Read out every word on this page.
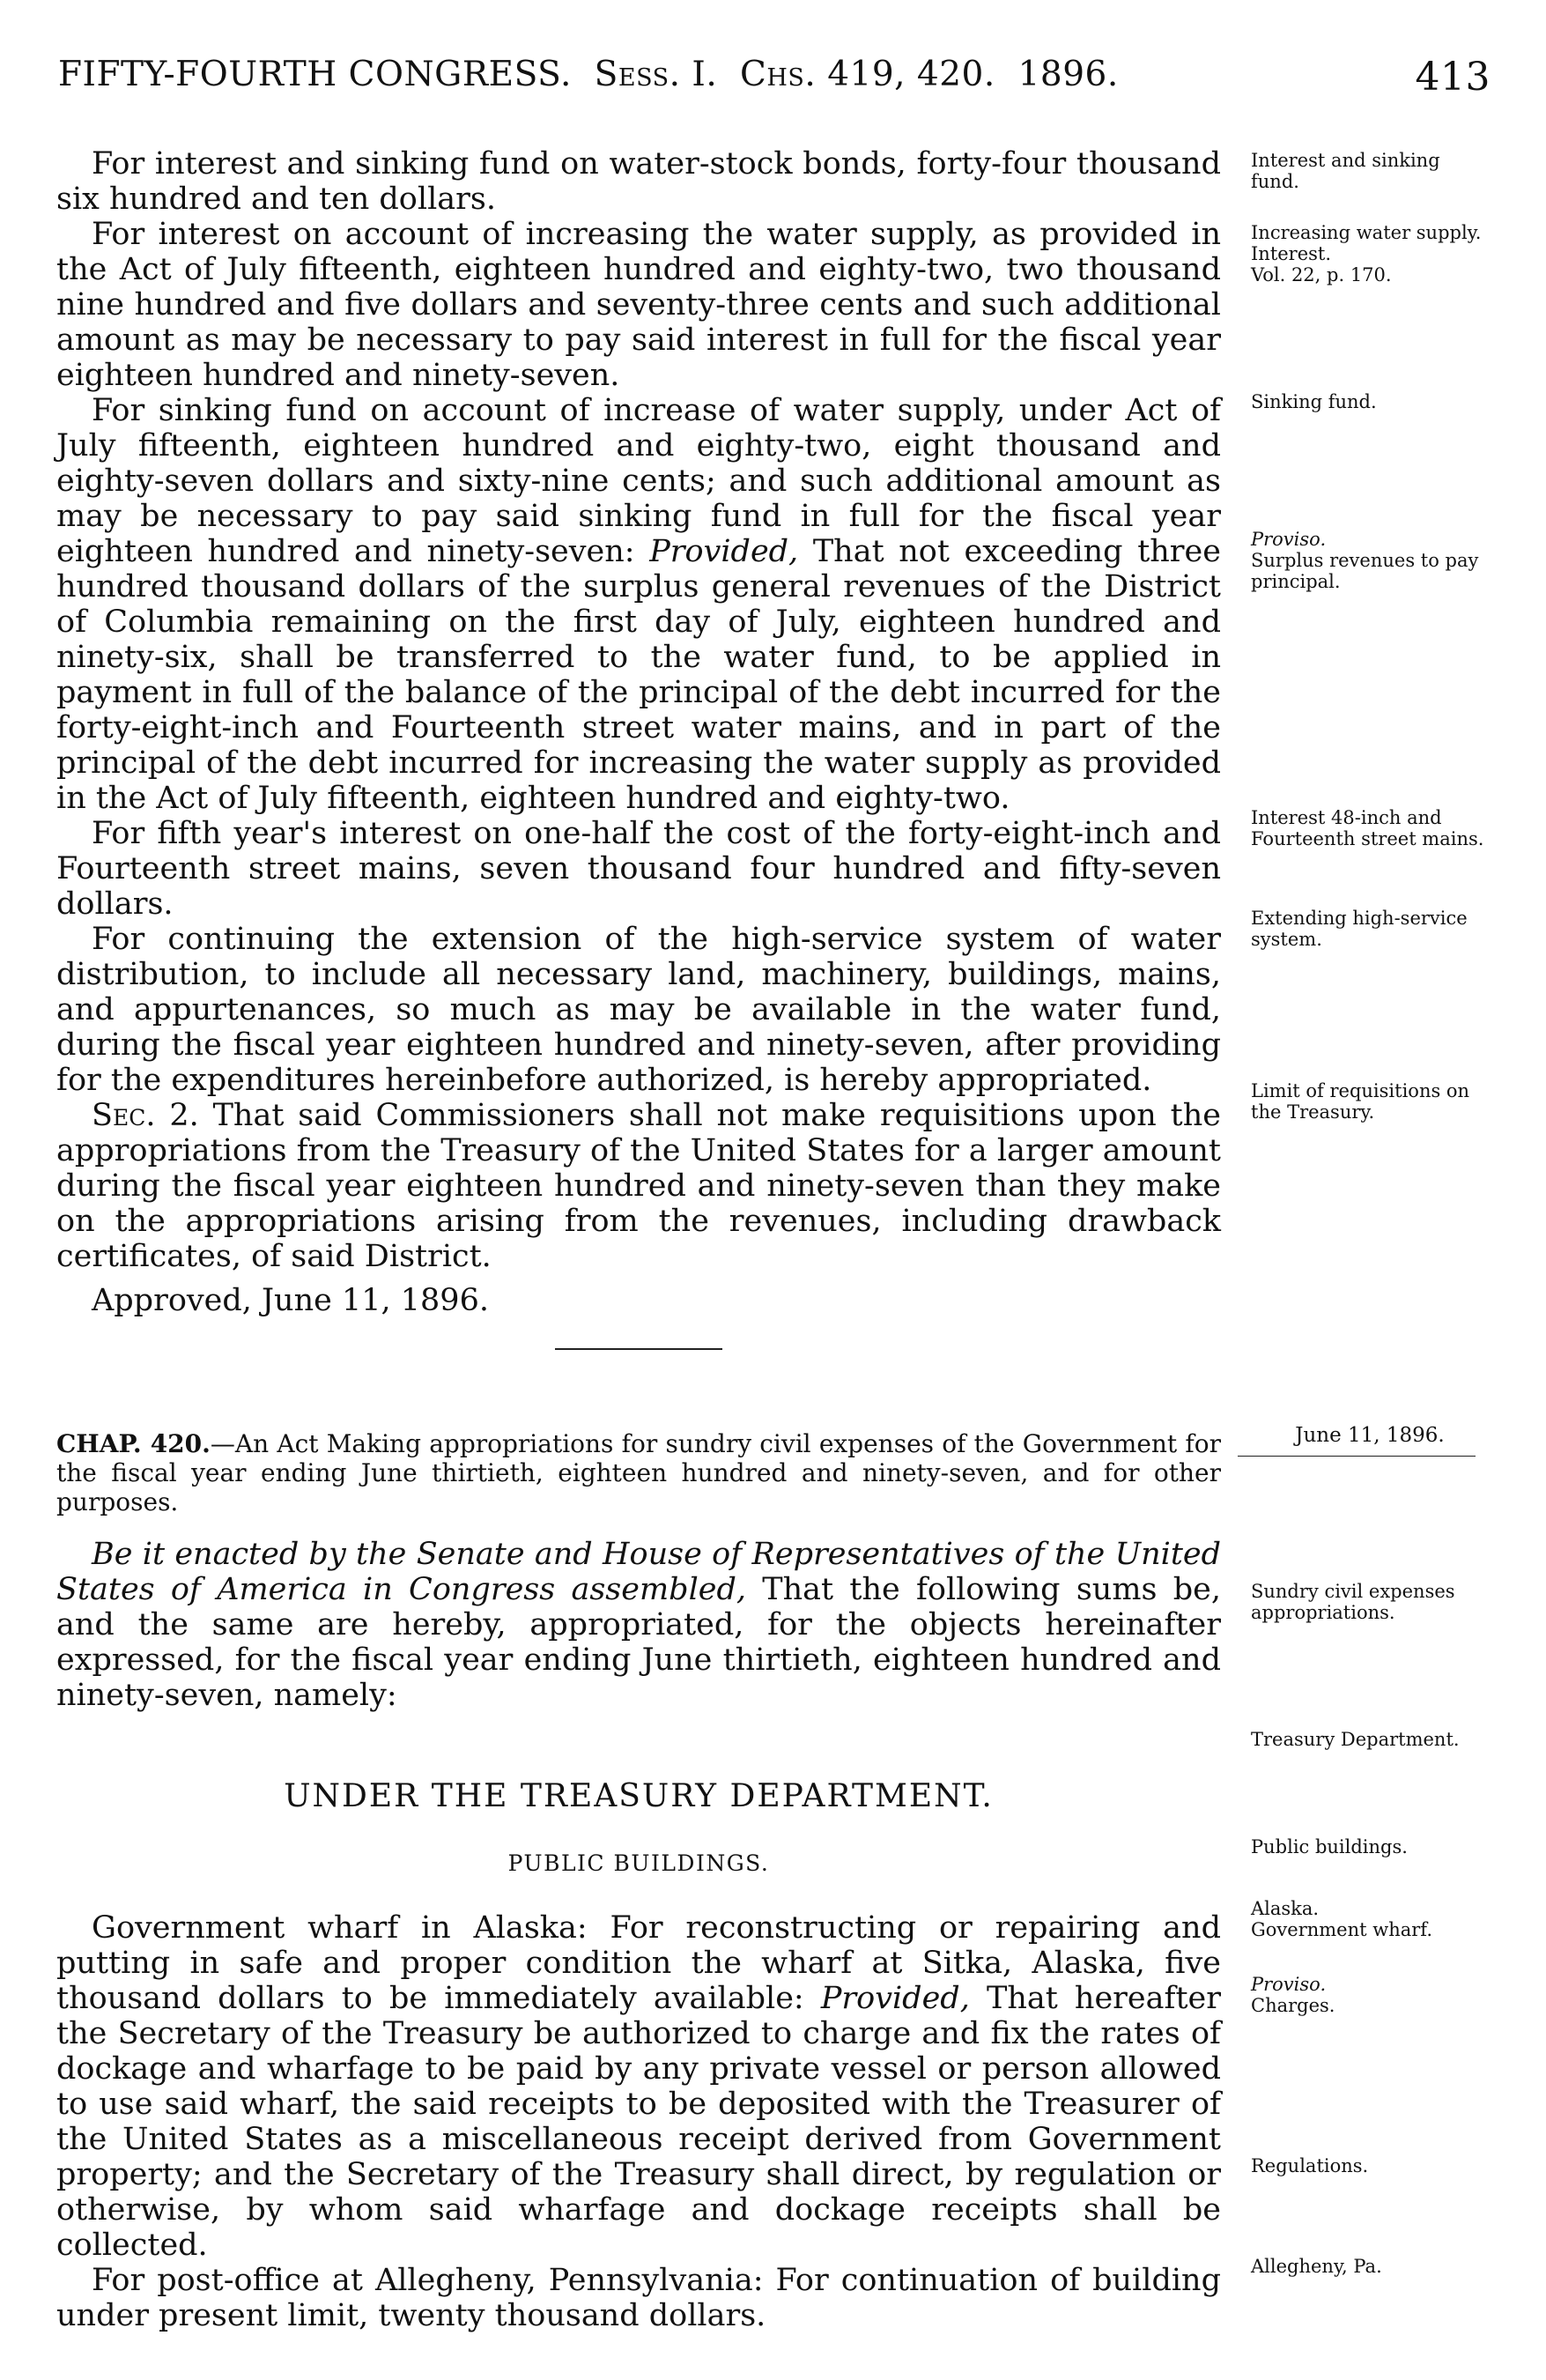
FIFTY-FOURTH CONGRESS. Sess. I. Chs. 419, 420. 1896.	413

For interest and sinking fund on water-stock bonds, forty-four thousand six hundred and ten dollars.

For interest on account of increasing the water supply, as provided in the Act of July fifteenth, eighteen hundred and eighty-two, two thousand nine hundred and five dollars and seventy-three cents and such additional amount as may be necessary to pay said interest in full for the fiscal year eighteen hundred and ninety-seven.

For sinking fund on account of increase of water supply, under Act of July fifteenth, eighteen hundred and eighty-two, eight thousand and eighty-seven dollars and sixty-nine cents; and such additional amount as may be necessary to pay said sinking fund in full for the fiscal year eighteen hundred and ninety-seven: Provided, That not exceeding three hundred thousand dollars of the surplus general revenues of the District of Columbia remaining on the first day of July, eighteen hundred and ninety-six, shall be transferred to the water fund, to be applied in payment in full of the balance of the principal of the debt incurred for the forty-eight-inch and Fourteenth street water mains, and in part of the principal of the debt incurred for increasing the water supply as provided in the Act of July fifteenth, eighteen hundred and eighty-two.

For fifth year's interest on one-half the cost of the forty-eight-inch and Fourteenth street mains, seven thousand four hundred and fifty-seven dollars.

For continuing the extension of the high-service system of water distribution, to include all necessary land, machinery, buildings, mains, and appurtenances, so much as may be available in the water fund, during the fiscal year eighteen hundred and ninety-seven, after providing for the expenditures hereinbefore authorized, is hereby appropriated.

Sec. 2. That said Commissioners shall not make requisitions upon the appropriations from the Treasury of the United States for a larger amount during the fiscal year eighteen hundred and ninety-seven than they make on the appropriations arising from the revenues, including drawback certificates, of said District.

Approved, June 11, 1896.

Interest and sinking fund.
Increasing water supply.
Interest.
Vol. 22, p. 170.
Sinking fund.
Proviso.
Surplus revenues to pay principal.
Interest 48-inch and Fourteenth street mains.
Extending high-service system.
Limit of requisitions on the Treasury.
CHAP. 420.—An Act Making appropriations for sundry civil expenses of the Government for the fiscal year ending June thirtieth, eighteen hundred and ninety-seven, and for other purposes.
June 11, 1896.

Be it enacted by the Senate and House of Representatives of the United States of America in Congress assembled, That the following sums be, and the same are hereby, appropriated, for the objects hereinafter expressed, for the fiscal year ending June thirtieth, eighteen hundred and ninety-seven, namely:

Sundry civil expenses appropriations.
Treasury Department.
UNDER THE TREASURY DEPARTMENT.
PUBLIC BUILDINGS.
Public buildings.

Government wharf in Alaska: For reconstructing or repairing and putting in safe and proper condition the wharf at Sitka, Alaska, five thousand dollars to be immediately available: Provided, That hereafter the Secretary of the Treasury be authorized to charge and fix the rates of dockage and wharfage to be paid by any private vessel or person allowed to use said wharf, the said receipts to be deposited with the Treasurer of the United States as a miscellaneous receipt derived from Government property; and the Secretary of the Treasury shall direct, by regulation or otherwise, by whom said wharfage and dockage receipts shall be collected.

For post-office at Allegheny, Pennsylvania: For continuation of building under present limit, twenty thousand dollars.

Alaska.
Government wharf.
Proviso.
Charges.
Regulations.
Allegheny, Pa.
